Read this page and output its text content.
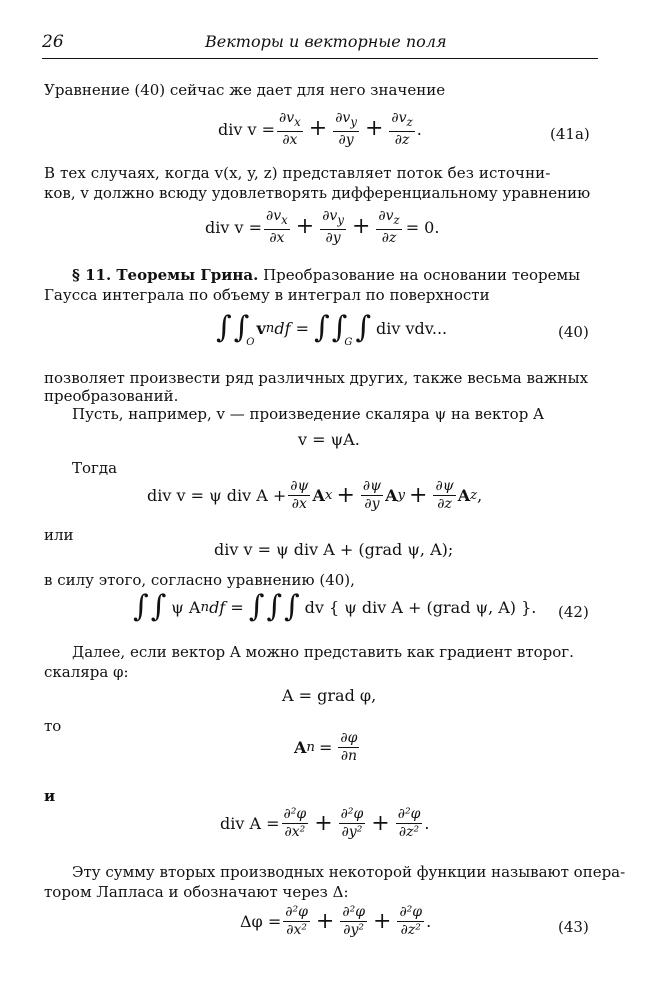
26	Векторы и векторные поля
Уравнение (40) сейчас же дает для него значение
div $v = \frac{\partial v_x}{\partial x} + \frac{\partial v_y}{\partial y} + \frac{\partial v_z}{\partial z}$ .	(41a)
В тех случаях, когда v(x, y, z) представляет поток без источни-
ков, v должно всюду удовлетворять дифференциальному уравнению
div $v = \frac{\partial v_x}{\partial x} + \frac{\partial v_y}{\partial y} + \frac{\partial v_z}{\partial z} = 0$.
§ 11. Теоремы Грина. Преобразование на основании теоремы
Гаусса интеграла по объему в интеграл по поверхности
∫ ∫
O
v n df = ∫ ∫
G ∫ div vdv...	(40)
позволяет произвести ряд различных других, также весьма важных
преобразований.
Пусть, например, v — произведение скаляра ψ на вектор A
v = ψA.
Тогда
div v = ψ div $A + \frac{\partial\psi}{\partial x}$ A $x + \frac{\partial\psi}{\partial y}$ A $y + \frac{\partial\psi}{\partial z}$ A z ,
или
div v = ψ div A + (grad ψ, A);
в силу этого, согласно уравнению (40),
∫ ∫ ψ A n df = ∫ ∫ ∫ dv { ψ div A + (grad ψ, A) }. (42)
Далее, если вектор A можно представить как градиент второг.
скаляра φ:
A = grad φ,
то
A $n = \frac{\partial\varphi}{\partial n}$
и
div $A = \frac{\text{∂²φ}}{\text{∂x²}} + \frac{\text{∂²φ}}{\text{∂y²}} + \frac{\text{∂²φ}}{\text{∂z²}}$ .
Эту сумму вторых производных некоторой функции называют опера-
тором Лапласа и обозначают через Δ:
$\Delta\varphi = \frac{\text{∂²φ}}{\text{∂x²}} + \frac{\text{∂²φ}}{\text{∂y²}} + \frac{\text{∂²φ}}{\text{∂z²}}$ .	(43)
